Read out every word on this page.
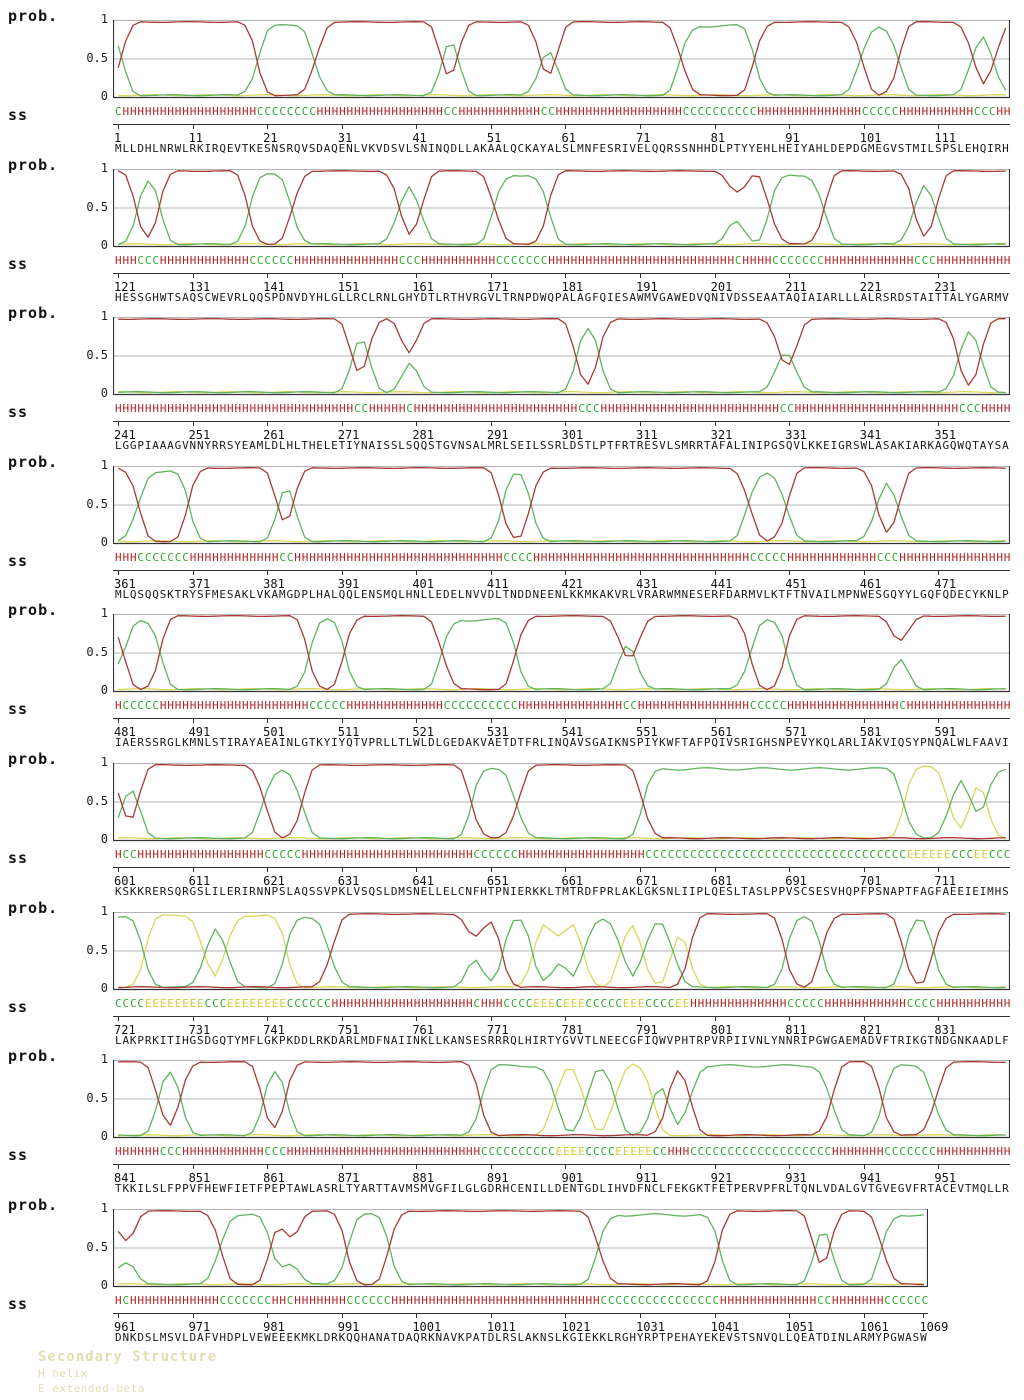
prob.
ss
1
0.5
0
CHHHHHHHHHHHHHHHHHHCCCCCCCCHHHHHHHHHHHHHHHHHCCHHHHHHHHHHHCCHHHHHHHHHHHHHHHHHCCCCCCCCCCHHHHHHHHHHHHHHCCCCCHHHHHHHHHHCCCHH
1	11	21	31	41	51	61	71	81	91	101	111
MLLDHLNRWLRKIRQEVTKESNSRQVSDAQENLVKVDSVLSNINQDLLAKAALQCKAYALSLMNFESRIVELQQRSSNHHDLPTYYEHLHEIYAHLDEPDGMEGVSTMILSPSLEHQIRH
prob.
ss
1
0.5
0
HHHCCCHHHHHHHHHHHHCCCCCCHHHHHHHHHHHHHHCCCHHHHHHHHHHCCCCCCCHHHHHHHHHHHHHHHHHHHHHHHHHCHHHHCCCCCCCHHHHHHHHHHHHCCCHHHHHHHHHH
121	131	141	151	161	171	181	191	201	211	221	231
HESSGHWTSAQSCWEVRLQQSPDNVDYHLGLLRCLRNLGHYDTLRTHVRGVLTRNPDWQPALAGFQIESAWMVGAWEDVQNIVDSSEAATAQIAIARLLLALRSRDSTAITTALYGARMV
prob.
ss
1
0.5
0
HHHHHHHHHHHHHHHHHHHHHHHHHHHHHHHHCCHHHHHCHHHHHHHHHHHHHHHHHHHHHHCCCHHHHHHHHHHHHHHHHHHHHHHHHCCHHHHHHHHHHHHHHHHHHHHHHCCCHHHH
241	251	261	271	281	291	301	311	321	331	341	351
LGGPIAAAGVNNYRRSYEAMLDLHLTHELETIYNAISSLSQQSTGVNSALMRLSEILSSRLDSTLPTFRTRESVLSMRRTAFALINIPGSQVLKKEIGRSWLASAKIARKAGQWQTAYSA
prob.
ss
1
0.5
0
HHHCCCCCCCHHHHHHHHHHHHCCHHHHHHHHHHHHHHHHHHHHHHHHHHHHCCCCHHHHHHHHHHHHHHHHHHHHHHHHHHHHHCCCCCHHHHHHHHHHHHCCCHHHHHHHHHHHHHHH
361	371	381	391	401	411	421	431	441	451	461	471
MLQSQQSKTRYSFMESAKLVKAMGDPLHALQQLENSMQLHNLLEDELNVVDLTNDDNEENLKKMKAKVRLVRARWMNESERFDARMVLKTFTNVAILMPNWESGQYYLGQFQDECYKNLP
prob.
ss
1
0.5
0
HCCCCCHHHHHHHHHHHHHHHHHHHHCCCCCHHHHHHHHHHHHHCCCCCCCCCCHHHHHHHHHHHHHHCCHHHHHHHHHHHHHHHCCCCCHHHHHHHHHHHHHHHCHHHHHHHHHHHHHH
481	491	501	511	521	531	541	551	561	571	581	591
IAERSSRGLKMNLSTIRAYAEAINLGTKYIYQTVPRLLTLWLDLGEDAKVAETDTFRLINQAVSGAIKNSPIYKWFTAFPQIVSRIGHSNPEVYKQLARLIAKVIQSYPNQALWLFAAVI
prob.
ss
1
0.5
0
HCCHHHHHHHHHHHHHHHHHCCCCCHHHHHHHHHHHHHHHHHHHHHHHCCCCCCHHHHHHHHHHHHHHHHHCCCCCCCCCCCCCCCCCCCCCCCCCCCCCCCCCCCEEEEEECCCEECCC
601	611	621	631	641	651	661	671	681	691	701	711
KSKKRERSQRGSLILERIRNNPSLAQSSVPKLVSQSLDMSNELLELCNFHTPNIERKKLTMTRDFPRLAKLGKSNLIIPLQESLTASLPPVSCSESVHQPFPSNAPTFAGFAEEIEIMHS
prob.
ss
1
0.5
0
CCCCEEEEEEEECCCEEEEEEEECCCCCCHHHHHHHHHHHHHHHHHHHCHHHCCCCEEECEEECCCCCEEECCCCEEHHHHHHHHHHHHHCCCCCHHHHHHHHHHHCCCCHHHHHHHHHH
721	731	741	751	761	771	781	791	801	811	821	831
LAKPRKITIHGSDGQTYMFLGKPKDDLRKDARLMDFNAIINKLLKANSESRRRQLHIRTYGVVTLNEECGFIQWVPHTRPVRPIIVNLYNNRIPGWGAEMADVFTRIKGTNDGNKAADLF
prob.
ss
1
0.5
0
HHHHHHCCCHHHHHHHHHHHCCCHHHHHHHHHHHHHHHHHHHHHHHHHHCCCCCCCCCCEEEECCCCEEEEECCHHHCCCCCCCCCCCCCCCCCCCHHHHHHHCCCCCCCHHHHHHHHHH
841	851	861	871	881	891	901	911	921	931	941	951
TKKILSLFPPVFHEWFIETFPEPTAWLASRLTYARTTAVMSMVGFILGLGDRHCENILLDENTGDLIHVDFNCLFEKGKTFETPERVPFRLTQNLVDALGVTGVEGVFRTACEVTMQLLR
prob.
ss
1
0.5
0
HCHHHHHHHHHHHHCCCCCCCHHCHHHHHHHCCCCCCHHHHHHHHHHHHHHHHHHHHHHHHHHHHCCCCCCCCCCCCCCCCHHHHHHHHHHHHHCCHHHHHHHCCCCCC
961	971	981	991	1001	1011	1021	1031	1041	1051	1061	1069
DNKDSLMSVLDAFVHDPLVEWEEEKMKLDRKQQHANATDAQRKNAVKPATDLRSLAKNSLKGIEKKLRGHYRPTPEHAYEKEVSTSNVQLLQEATDINLARMYPGWASW
Secondary Structure
H helix
E extended-beta
